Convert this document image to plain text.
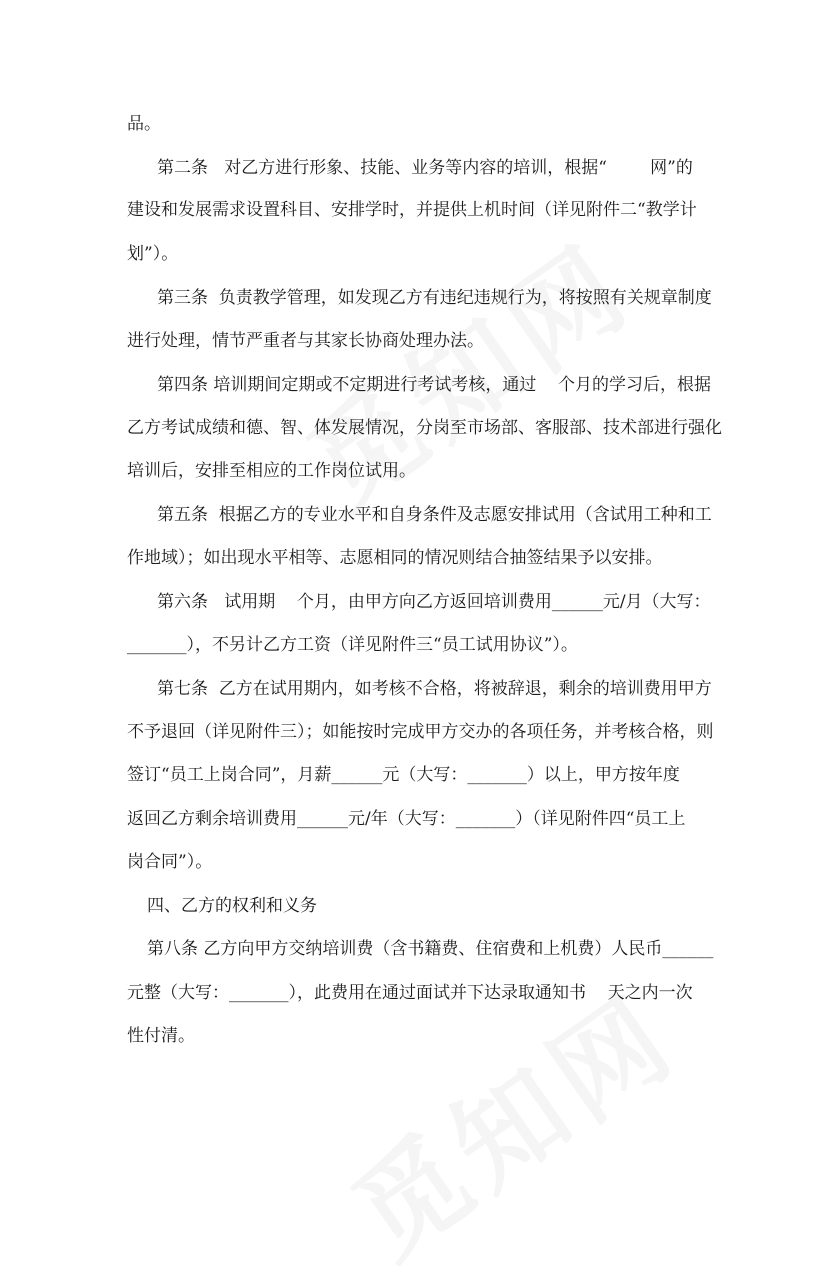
品。
第二条   对乙方进行形象、技能、业务等内容的培训，根据“        网”的
建设和发展需求设置科目、安排学时，并提供上机时间（详见附件二“教学计
划”）。
第三条  负责教学管理，如发现乙方有违纪违规行为，将按照有关规章制度
进行处理，情节严重者与其家长协商处理办法。
第四条 培训期间定期或不定期进行考试考核，通过    个月的学习后，根据
乙方考试成绩和德、智、体发展情况，分岗至市场部、客服部、技术部进行强化
培训后，安排至相应的工作岗位试用。
第五条  根据乙方的专业水平和自身条件及志愿安排试用（含试用工种和工
作地域）；如出现水平相等、志愿相同的情况则结合抽签结果予以安排。
第六条   试用期    个月，由甲方向乙方返回培训费用______元/月（大写：
_______），不另计乙方工资（详见附件三“员工试用协议”）。
第七条  乙方在试用期内，如考核不合格，将被辞退，剩余的培训费用甲方
不予退回（详见附件三）；如能按时完成甲方交办的各项任务，并考核合格，则
签订“员工上岗合同”，月薪______元（大写：_______）以上，甲方按年度
返回乙方剩余培训费用______元/年（大写：_______）（详见附件四“员工上
岗合同”）。
四、乙方的权利和义务
第八条 乙方向甲方交纳培训费（含书籍费、住宿费和上机费）人民币______
元整（大写：_______），此费用在通过面试并下达录取通知书    天之内一次
性付清。
